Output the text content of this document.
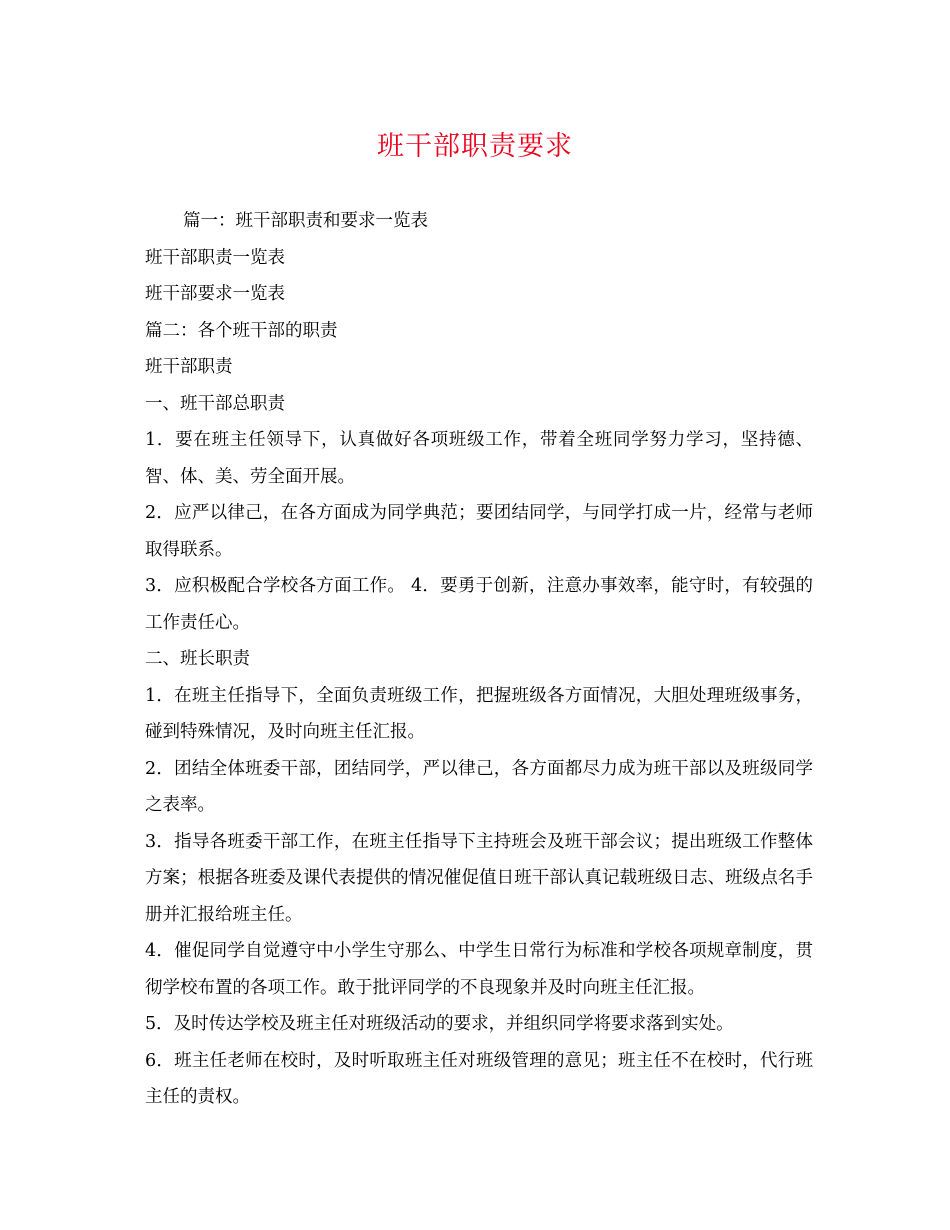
班干部职责要求

篇一：班干部职责和要求一览表

班干部职责一览表

班干部要求一览表

篇二：各个班干部的职责

班干部职责

一、班干部总职责

1．要在班主任领导下，认真做好各项班级工作，带着全班同学努力学习，坚持德、智、体、美、劳全面开展。

2．应严以律己，在各方面成为同学典范；要团结同学，与同学打成一片，经常与老师取得联系。

3．应积极配合学校各方面工作。 4．要勇于创新，注意办事效率，能守时，有较强的工作责任心。

二、班长职责

1．在班主任指导下，全面负责班级工作，把握班级各方面情况，大胆处理班级事务，碰到特殊情况，及时向班主任汇报。

2．团结全体班委干部，团结同学，严以律己，各方面都尽力成为班干部以及班级同学之表率。

3．指导各班委干部工作，在班主任指导下主持班会及班干部会议；提出班级工作整体方案；根据各班委及课代表提供的情况催促值日班干部认真记载班级日志、班级点名手册并汇报给班主任。

4．催促同学自觉遵守中小学生守那么、中学生日常行为标准和学校各项规章制度，贯彻学校布置的各项工作。敢于批评同学的不良现象并及时向班主任汇报。

5．及时传达学校及班主任对班级活动的要求，并组织同学将要求落到实处。

6．班主任老师在校时，及时听取班主任对班级管理的意见；班主任不在校时，代行班主任的责权。
